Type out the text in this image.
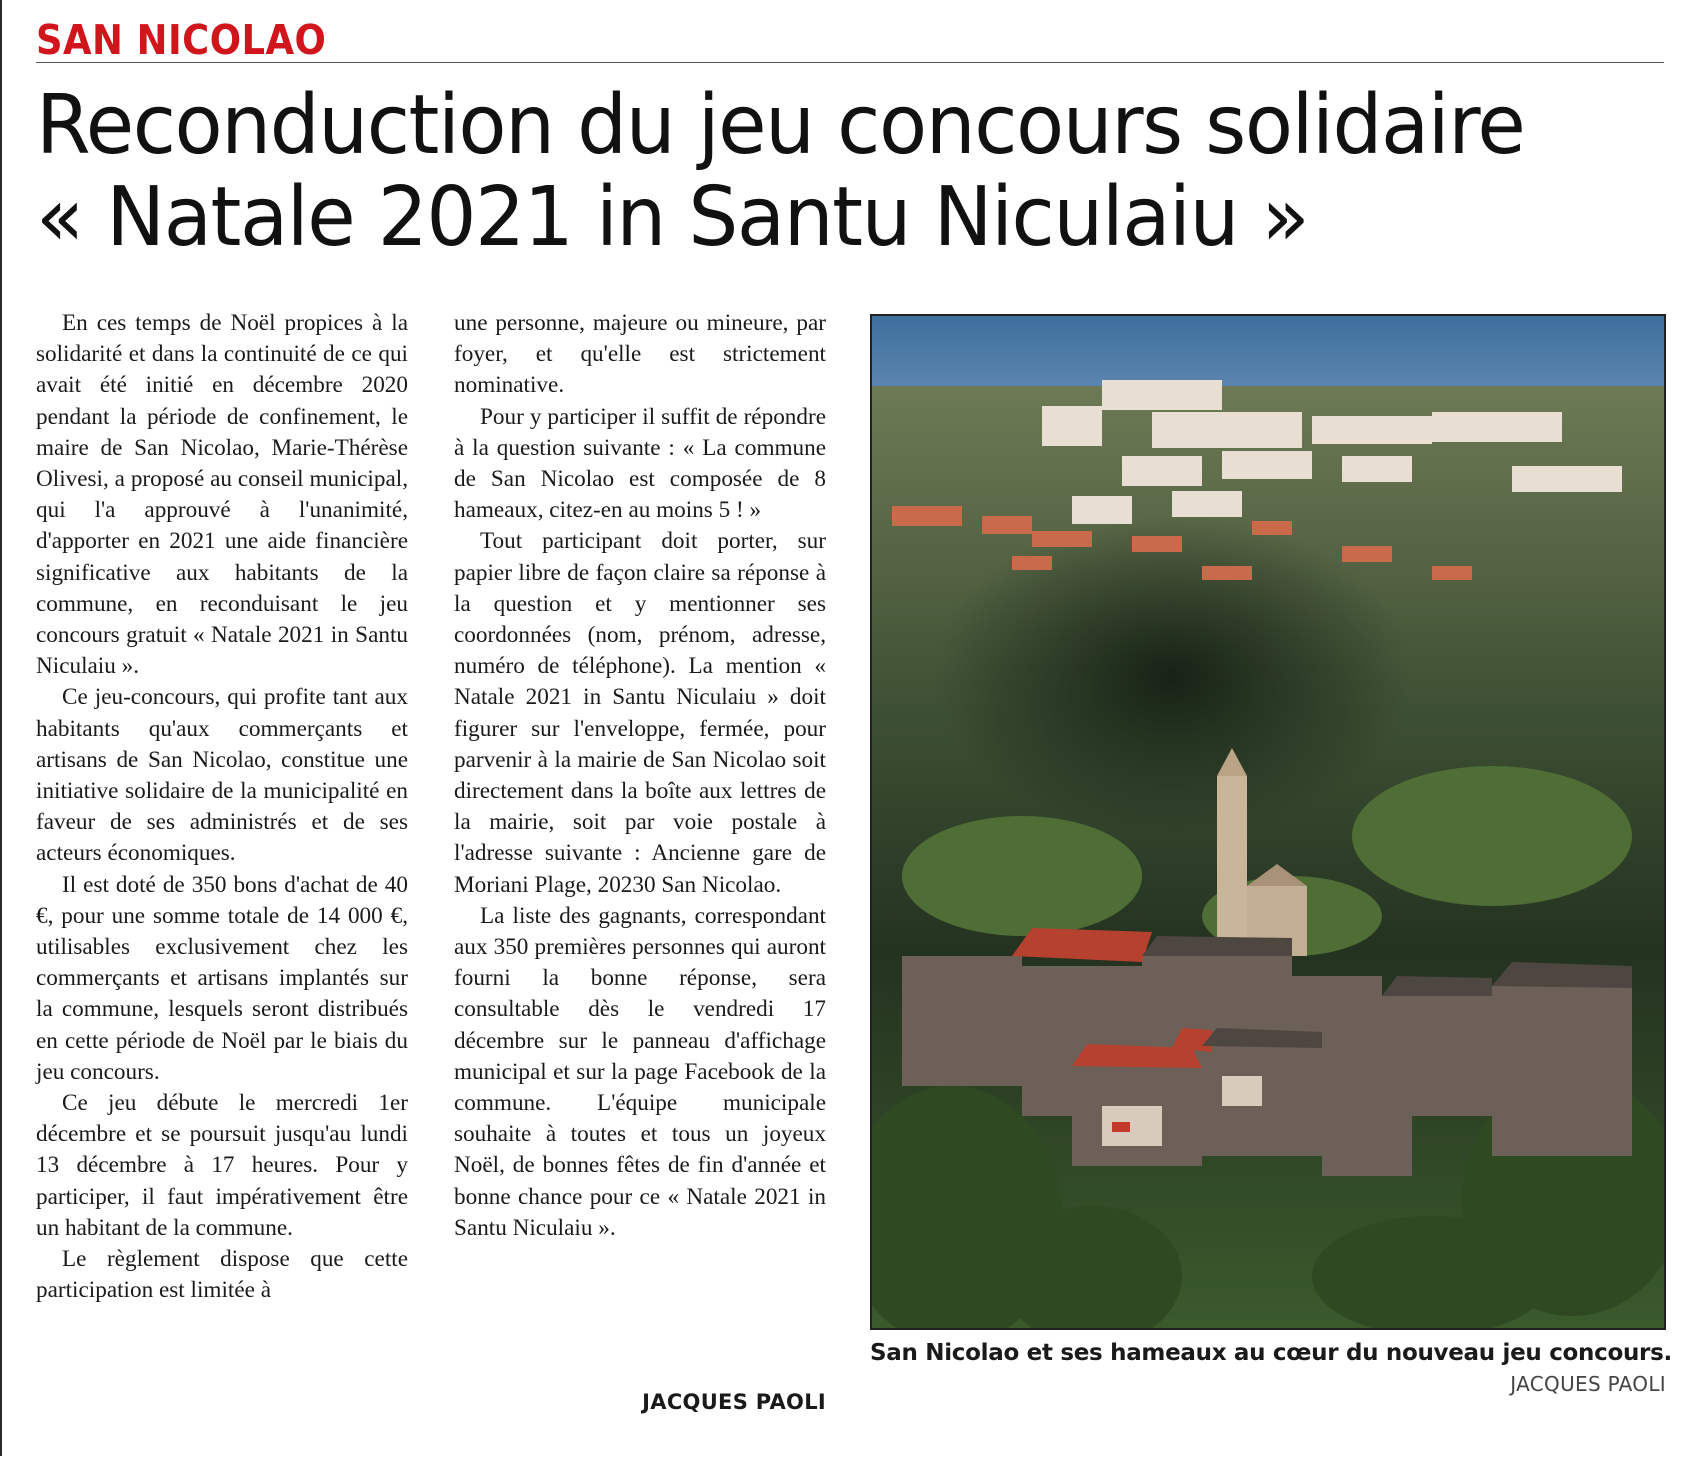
SAN NICOLAO
Reconduction du jeu concours solidaire
« Natale 2021 in Santu Niculaiu »

En ces temps de Noël propices à la solidarité et dans la continuité de ce qui avait été initié en décembre 2020 pendant la période de confinement, le maire de San Nicolao, Marie-Thérèse Olivesi, a proposé au conseil municipal, qui l'a approuvé à l'unanimité, d'apporter en 2021 une aide financière significative aux habitants de la commune, en reconduisant le jeu concours gratuit « Natale 2021 in Santu Niculaiu ».

Ce jeu-concours, qui profite tant aux habitants qu'aux commerçants et artisans de San Nicolao, constitue une initiative solidaire de la municipalité en faveur de ses administrés et de ses acteurs économiques.

Il est doté de 350 bons d'achat de 40 €, pour une somme totale de 14 000 €, utilisables exclusivement chez les commerçants et artisans implantés sur la commune, lesquels seront distribués en cette période de Noël par le biais du jeu concours.

Ce jeu débute le mercredi 1er décembre et se poursuit jusqu'au lundi 13 décembre à 17 heures. Pour y participer, il faut impérativement être un habitant de la commune.

Le règlement dispose que cette participation est limitée à

une personne, majeure ou mineure, par foyer, et qu'elle est strictement nominative.

Pour y participer il suffit de répondre à la question suivante : « La commune de San Nicolao est composée de 8 hameaux, citez-en au moins 5 ! »

Tout participant doit porter, sur papier libre de façon claire sa réponse à la question et y mentionner ses coordonnées (nom, prénom, adresse, numéro de téléphone). La mention « Natale 2021 in Santu Niculaiu » doit figurer sur l'enveloppe, fermée, pour parvenir à la mairie de San Nicolao soit directement dans la boîte aux lettres de la mairie, soit par voie postale à l'adresse suivante : Ancienne gare de Moriani Plage, 20230 San Nicolao.

La liste des gagnants, correspondant aux 350 premières personnes qui auront fourni la bonne réponse, sera consultable dès le vendredi 17 décembre sur le panneau d'affichage municipal et sur la page Facebook de la commune. L'équipe municipale souhaite à toutes et tous un joyeux Noël, de bonnes fêtes de fin d'année et bonne chance pour ce « Natale 2021 in Santu Niculaiu ».

JACQUES PAOLI
San Nicolao et ses hameaux au cœur du nouveau jeu concours.
JACQUES PAOLI
